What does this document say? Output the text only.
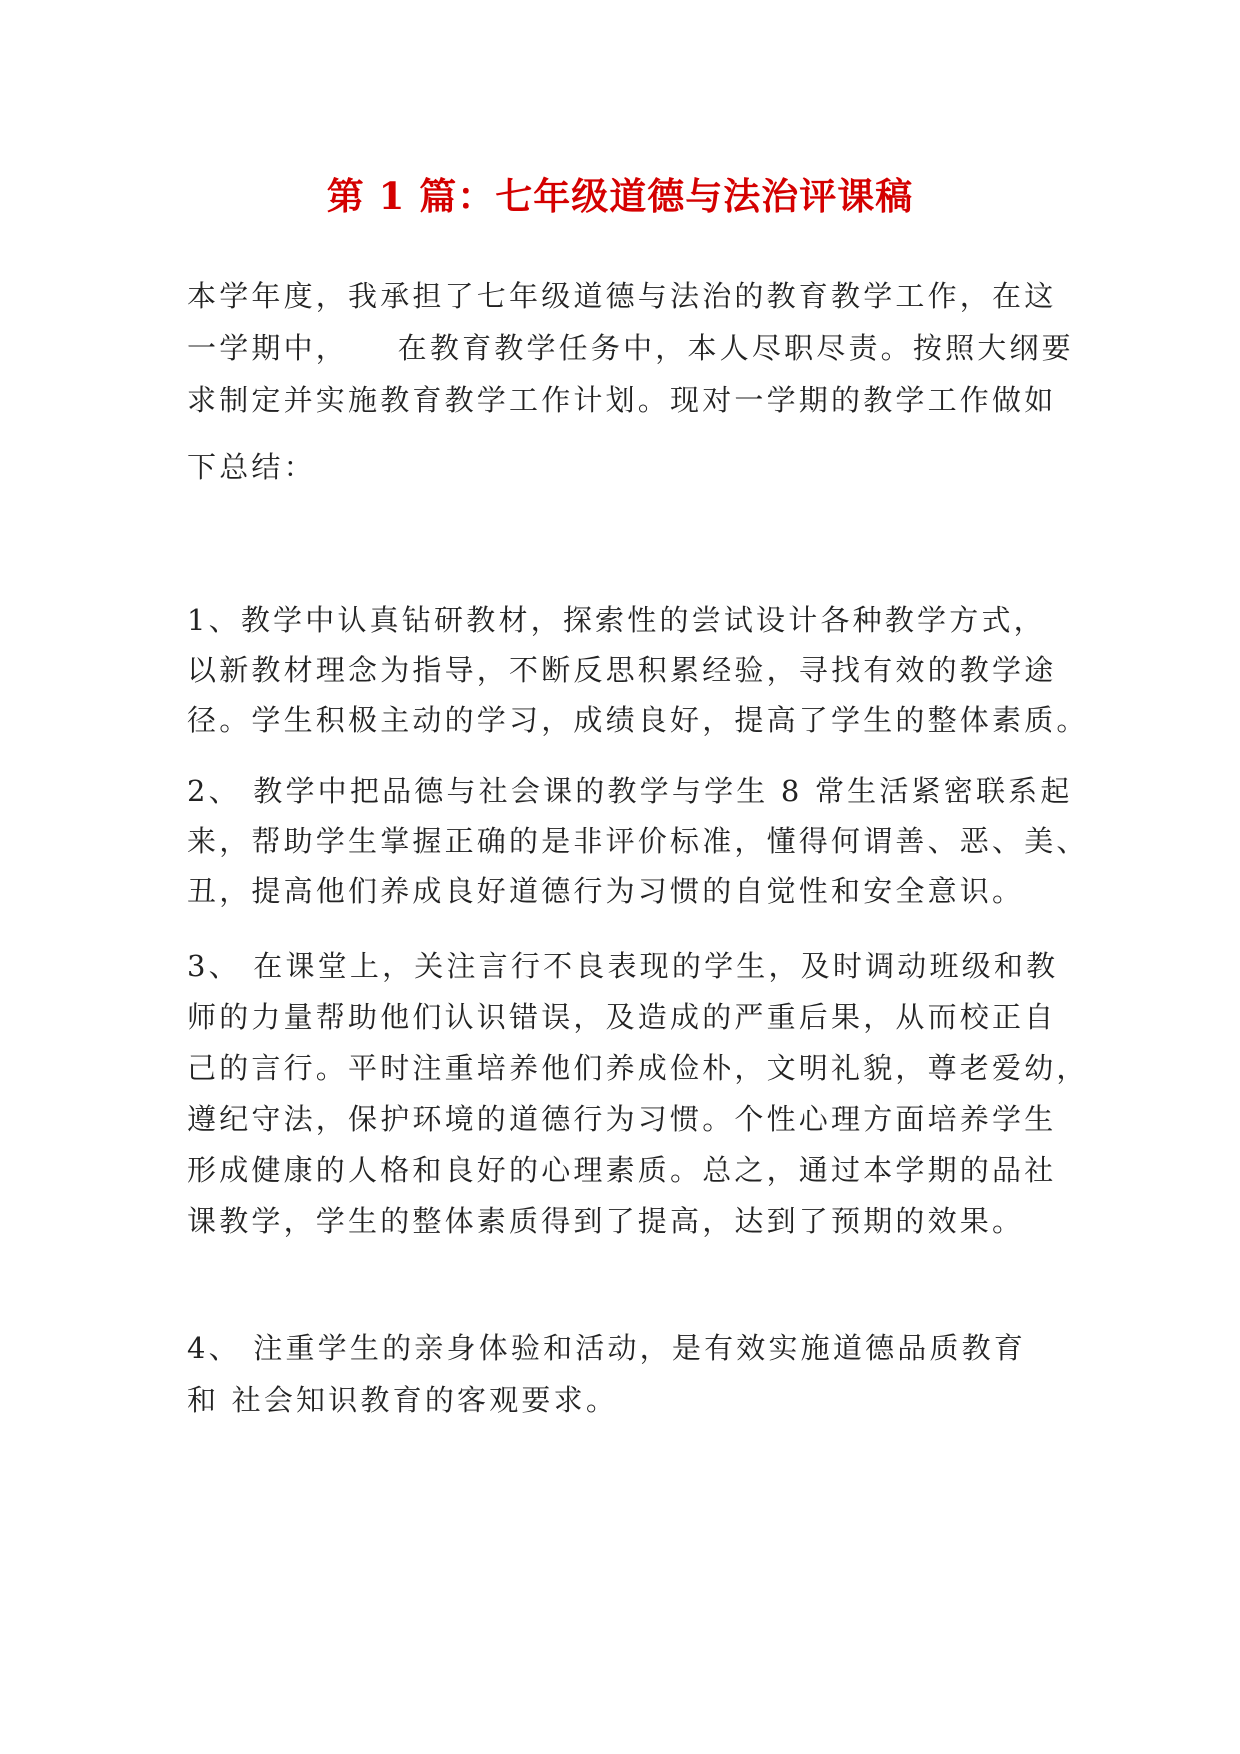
第 1 篇：七年级道德与法治评课稿
本学年度，我承担了七年级道德与法治的教育教学工作，在这
一学期中，    在教育教学任务中，本人尽职尽责。按照大纲要
求制定并实施教育教学工作计划。现对一学期的教学工作做如
下总结：
1、教学中认真钻研教材，探索性的尝试设计各种教学方式，
以新教材理念为指导，不断反思积累经验，寻找有效的教学途
径。学生积极主动的学习，成绩良好，提高了学生的整体素质。
2、 教学中把品德与社会课的教学与学生 8 常生活紧密联系起
来，帮助学生掌握正确的是非评价标准，懂得何谓善、恶、美、
丑，提高他们养成良好道德行为习惯的自觉性和安全意识。
3、 在课堂上，关注言行不良表现的学生，及时调动班级和教
师的力量帮助他们认识错误，及造成的严重后果，从而校正自
己的言行。平时注重培养他们养成俭朴，文明礼貌，尊老爱幼，
遵纪守法，保护环境的道德行为习惯。个性心理方面培养学生
形成健康的人格和良好的心理素质。总之，通过本学期的品社
课教学，学生的整体素质得到了提高，达到了预期的效果。
4、 注重学生的亲身体验和活动，是有效实施道德品质教育
和 社会知识教育的客观要求。
